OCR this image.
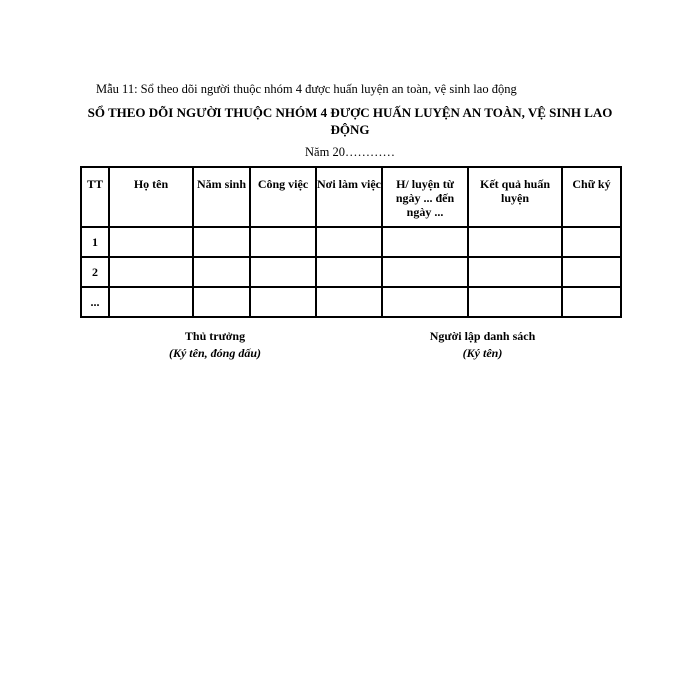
Mẫu 11: Sổ theo dõi người thuộc nhóm 4 được huấn luyện an toàn, vệ sinh lao động
SỔ THEO DÕI NGƯỜI THUỘC NHÓM 4 ĐƯỢC HUẤN LUYỆN AN TOÀN, VỆ SINH LAO ĐỘNG
Năm 20…………
TT	Họ tên	Năm sinh	Công việc	Nơi làm việc	H/ luyện từ ngày ... đến ngày ...	Kết quả huấn luyện	Chữ ký
1							
2							
...							
Thủ trưởng
(Ký tên, đóng dấu)
Người lập danh sách
(Ký tên)
